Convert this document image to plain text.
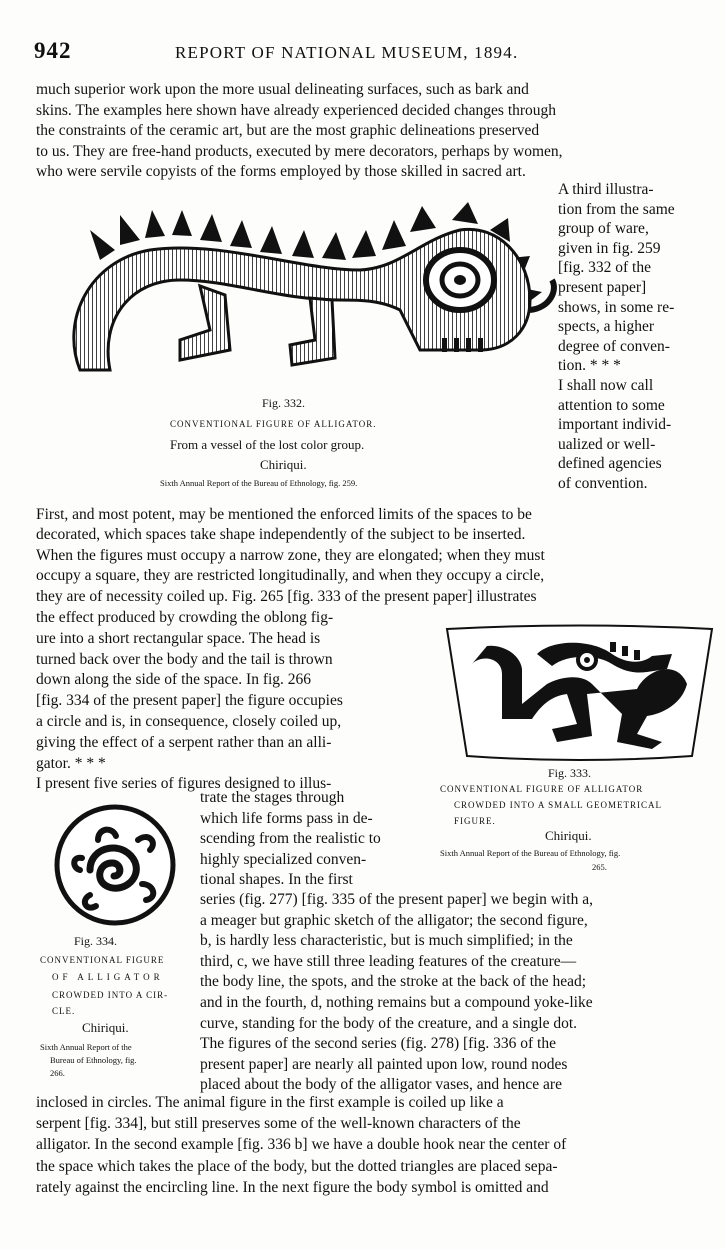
942	REPORT OF NATIONAL MUSEUM, 1894.
much superior work upon the more usual delineating surfaces, such as bark and
skins. The examples here shown have already experienced decided changes through
the constraints of the ceramic art, but are the most graphic delineations preserved
to us. They are free-hand products, executed by mere decorators, perhaps by women,
who were servile copyists of the forms employed by those skilled in sacred art.
Fig. 332.
CONVENTIONAL FIGURE OF ALLIGATOR.
From a vessel of the lost color group.
Chiriqui.
Sixth Annual Report of the Bureau of Ethnology, fig. 259.
A third illustra-
tion from the same
group of ware,
given in fig. 259
[fig. 332 of the
present paper]
shows, in some re-
spects, a higher
degree of conven-
tion. * * *
I shall now call
attention to some
important individ-
ualized or well-
defined agencies
of convention.
First, and most potent, may be mentioned the enforced limits of the spaces to be
decorated, which spaces take shape independently of the subject to be inserted.
When the figures must occupy a narrow zone, they are elongated; when they must
occupy a square, they are restricted longitudinally, and when they occupy a circle,
they are of necessity coiled up. Fig. 265 [fig. 333 of the present paper] illustrates
the effect produced by crowding the oblong fig-
ure into a short rectangular space. The head is
turned back over the body and the tail is thrown
down along the side of the space. In fig. 266
[fig. 334 of the present paper] the figure occupies
a circle and is, in consequence, closely coiled up,
giving the effect of a serpent rather than an alli-
gator. * * *
I present five series of figures designed to illus-
Fig. 333.
CONVENTIONAL FIGURE OF ALLIGATOR
CROWDED INTO A SMALL GEOMETRICAL
FIGURE.
Chiriqui.
Sixth Annual Report of the Bureau of Ethnology, fig.
265.
Fig. 334.
CONVENTIONAL FIGURE
OF ALLIGATOR
CROWDED INTO A CIR-
CLE.
Chiriqui.
Sixth Annual Report of the
Bureau of Ethnology, fig.
266.
trate the stages through
which life forms pass in de-
scending from the realistic to
highly specialized conven-
tional shapes. In the first
series (fig. 277) [fig. 335 of the present paper] we begin with a,
a meager but graphic sketch of the alligator; the second figure,
b, is hardly less characteristic, but is much simplified; in the
third, c, we have still three leading features of the creature—
the body line, the spots, and the stroke at the back of the head;
and in the fourth, d, nothing remains but a compound yoke-like
curve, standing for the body of the creature, and a single dot.
The figures of the second series (fig. 278) [fig. 336 of the
present paper] are nearly all painted upon low, round nodes
placed about the body of the alligator vases, and hence are
inclosed in circles. The animal figure in the first example is coiled up like a
serpent [fig. 334], but still preserves some of the well-known characters of the
alligator. In the second example [fig. 336 b] we have a double hook near the center of
the space which takes the place of the body, but the dotted triangles are placed sepa-
rately against the encircling line. In the next figure the body symbol is omitted and
